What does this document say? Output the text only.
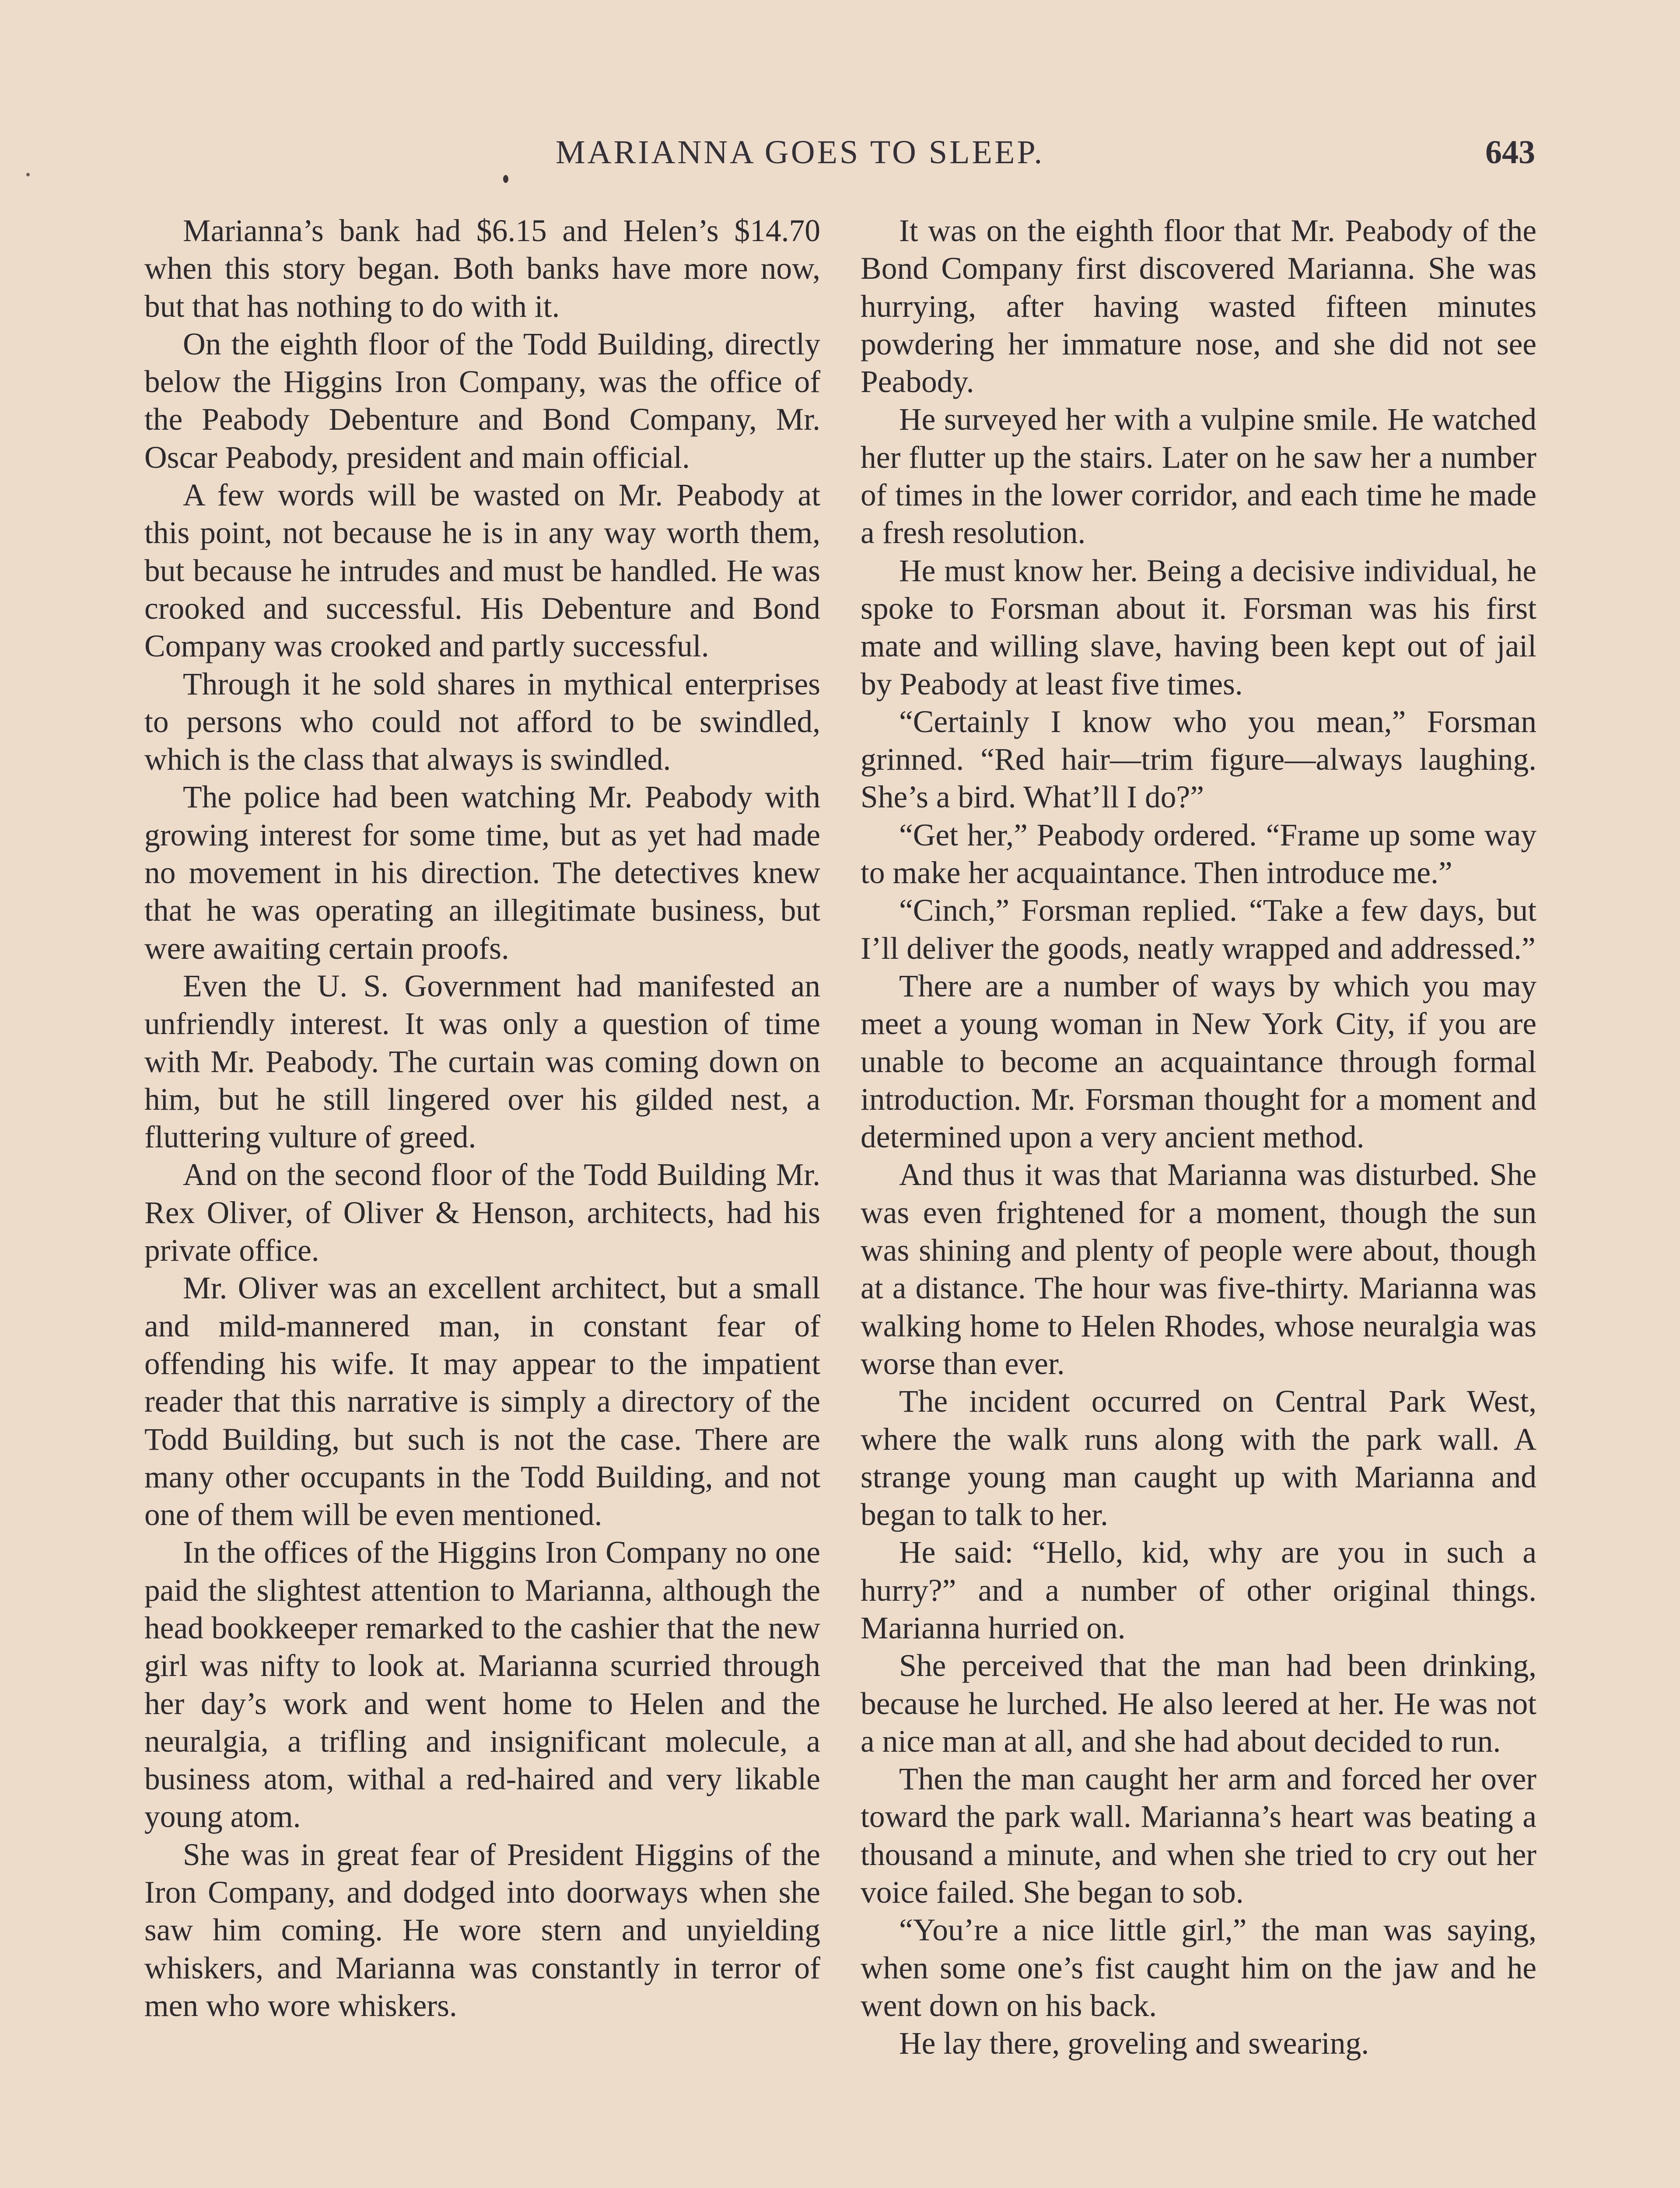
MARIANNA GOES TO SLEEP.	643

Marianna’s bank had $6.15 and Helen’s $14.70 when this story began. Both banks have more now, but that has nothing to do with it.

On the eighth floor of the Todd Building, directly below the Higgins Iron Company, was the office of the Peabody Debenture and Bond Company, Mr. Oscar Peabody, president and main official.

A few words will be wasted on Mr. Peabody at this point, not because he is in any way worth them, but because he intrudes and must be handled. He was crooked and successful. His Debenture and Bond Company was crooked and partly successful.

Through it he sold shares in mythical enterprises to persons who could not afford to be swindled, which is the class that always is swindled.

The police had been watching Mr. Peabody with growing interest for some time, but as yet had made no movement in his direction. The detectives knew that he was operating an illegitimate business, but were awaiting certain proofs.

Even the U. S. Government had manifested an unfriendly interest. It was only a question of time with Mr. Peabody. The curtain was coming down on him, but he still lingered over his gilded nest, a fluttering vulture of greed.

And on the second floor of the Todd Building Mr. Rex Oliver, of Oliver & Henson, architects, had his private office.

Mr. Oliver was an excellent architect, but a small and mild-mannered man, in constant fear of offending his wife. It may appear to the impatient reader that this narrative is simply a directory of the Todd Building, but such is not the case. There are many other occupants in the Todd Building, and not one of them will be even mentioned.

In the offices of the Higgins Iron Company no one paid the slightest attention to Marianna, although the head bookkeeper remarked to the cashier that the new girl was nifty to look at. Marianna scurried through her day’s work and went home to Helen and the neuralgia, a trifling and insignificant molecule, a business atom, withal a red-haired and very likable young atom.

She was in great fear of President Higgins of the Iron Company, and dodged into doorways when she saw him coming. He wore stern and unyielding whiskers, and Marianna was constantly in terror of men who wore whiskers.

It was on the eighth floor that Mr. Peabody of the Bond Company first discovered Marianna. She was hurrying, after having wasted fifteen minutes powdering her immature nose, and she did not see Peabody.

He surveyed her with a vulpine smile. He watched her flutter up the stairs. Later on he saw her a number of times in the lower corridor, and each time he made a fresh resolution.

He must know her. Being a decisive individual, he spoke to Forsman about it. Forsman was his first mate and willing slave, having been kept out of jail by Peabody at least five times.

“Certainly I know who you mean,” Forsman grinned. “Red hair—trim figure—always laughing. She’s a bird. What’ll I do?”

“Get her,” Peabody ordered. “Frame up some way to make her acquaintance. Then introduce me.”

“Cinch,” Forsman replied. “Take a few days, but I’ll deliver the goods, neatly wrapped and addressed.”

There are a number of ways by which you may meet a young woman in New York City, if you are unable to become an acquaintance through formal introduction. Mr. Forsman thought for a moment and determined upon a very ancient method.

And thus it was that Marianna was disturbed. She was even frightened for a moment, though the sun was shining and plenty of people were about, though at a distance. The hour was five-thirty. Marianna was walking home to Helen Rhodes, whose neuralgia was worse than ever.

The incident occurred on Central Park West, where the walk runs along with the park wall. A strange young man caught up with Marianna and began to talk to her.

He said: “Hello, kid, why are you in such a hurry?” and a number of other original things. Marianna hurried on.

She perceived that the man had been drinking, because he lurched. He also leered at her. He was not a nice man at all, and she had about decided to run.

Then the man caught her arm and forced her over toward the park wall. Marianna’s heart was beating a thousand a minute, and when she tried to cry out her voice failed. She began to sob.

“You’re a nice little girl,” the man was saying, when some one’s fist caught him on the jaw and he went down on his back.

He lay there, groveling and swearing.
